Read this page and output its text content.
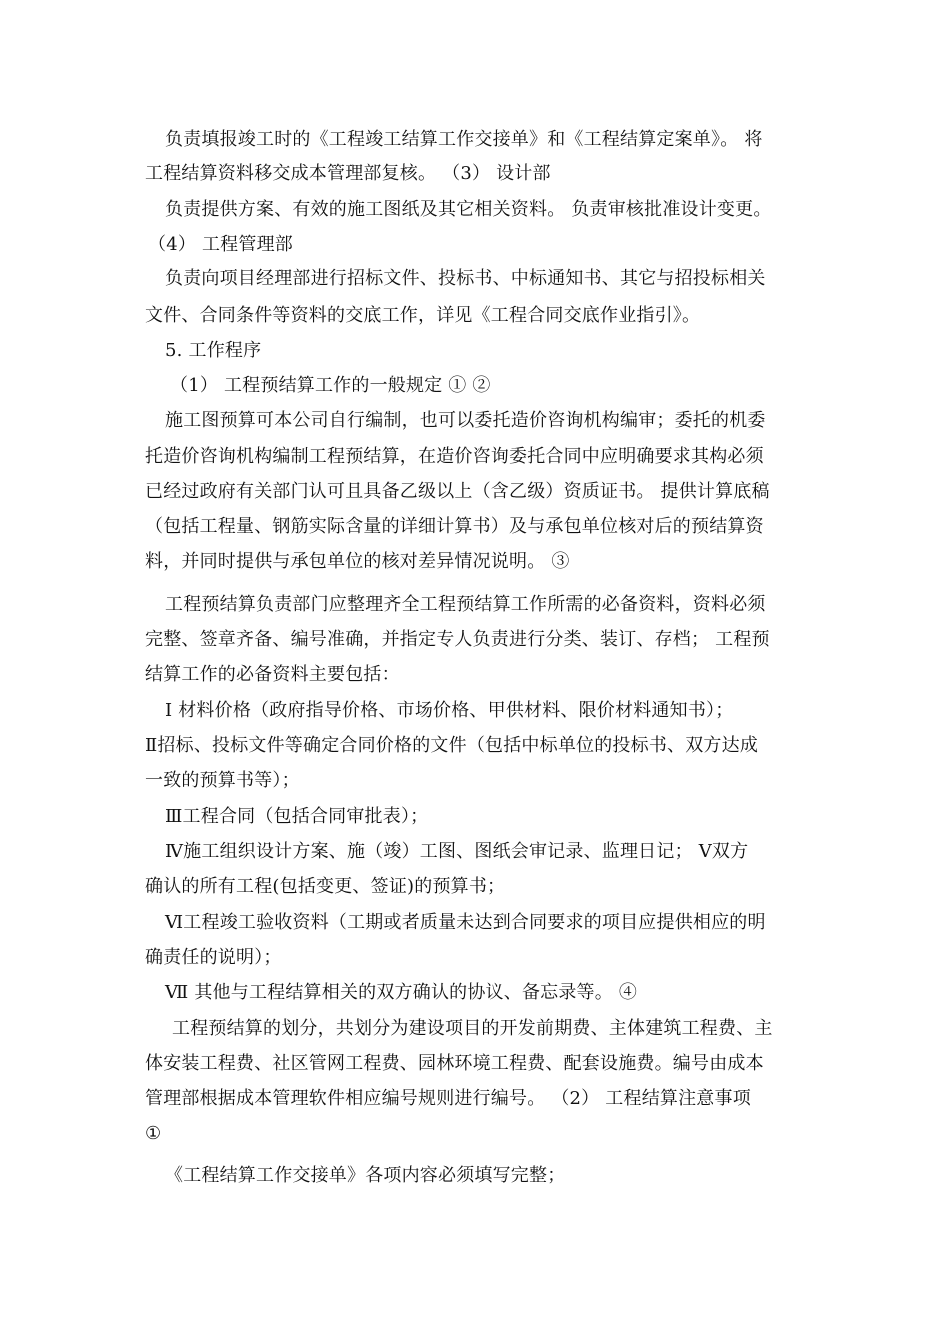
负责填报竣工时的《工程竣工结算工作交接单》和《工程结算定案单》。 将
工程结算资料移交成本管理部复核。 （3） 设计部
负责提供方案、有效的施工图纸及其它相关资料。 负责审核批准设计变更。
（4） 工程管理部
负责向项目经理部进行招标文件、投标书、中标通知书、其它与招投标相关
文件、合同条件等资料的交底工作，详见《工程合同交底作业指引》。
5. 工作程序
（1） 工程预结算工作的一般规定 ① ②
施工图预算可本公司自行编制，也可以委托造价咨询机构编审；委托的机委
托造价咨询机构编制工程预结算，在造价咨询委托合同中应明确要求其构必须
已经过政府有关部门认可且具备乙级以上（含乙级）资质证书。 提供计算底稿
（包括工程量、钢筋实际含量的详细计算书）及与承包单位核对后的预结算资
料，并同时提供与承包单位的核对差异情况说明。 ③
工程预结算负责部门应整理齐全工程预结算工作所需的必备资料，资料必须
完整、签章齐备、编号准确，并指定专人负责进行分类、装订、存档； 工程预
结算工作的必备资料主要包括：
Ⅰ 材料价格（政府指导价格、市场价格、甲供材料、限价材料通知书）；
Ⅱ招标、投标文件等确定合同价格的文件（包括中标单位的投标书、双方达成
一致的预算书等）；
Ⅲ工程合同（包括合同审批表）；
Ⅳ施工组织设计方案、施（竣）工图、图纸会审记录、监理日记； Ⅴ双方
确认的所有工程(包括变更、签证)的预算书；
Ⅵ工程竣工验收资料（工期或者质量未达到合同要求的项目应提供相应的明
确责任的说明）；
Ⅶ 其他与工程结算相关的双方确认的协议、备忘录等。 ④
工程预结算的划分，共划分为建设项目的开发前期费、主体建筑工程费、主
体安装工程费、社区管网工程费、园林环境工程费、配套设施费。编号由成本
管理部根据成本管理软件相应编号规则进行编号。 （2） 工程结算注意事项
①
《工程结算工作交接单》各项内容必须填写完整；
